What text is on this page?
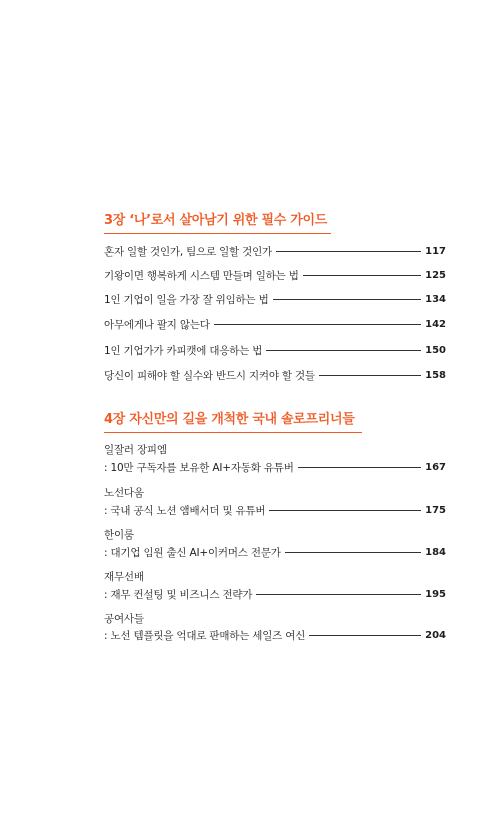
3장 ‘나’로서 살아남기 위한 필수 가이드
혼자 일할 것인가, 팀으로 일할 것인가	117
기왕이면 행복하게 시스템 만들며 일하는 법	125
1인 기업이 일을 가장 잘 위임하는 법	134
아무에게나 팔지 않는다	142
1인 기업가가 카피캣에 대응하는 법	150
당신이 피해야 할 실수와 반드시 지켜야 할 것들	158
4장 자신만의 길을 개척한 국내 솔로프리너들
일잘러 장피엠
: 10만 구독자를 보유한 AI+자동화 유튜버	167
노선다움
: 국내 공식 노션 앰배서더 및 유튜버	175
한이룸
: 대기업 임원 출신 AI+이커머스 전문가	184
재무선배
: 재무 컨설팅 및 비즈니스 전략가	195
공여사들
: 노선 템플릿을 억대로 판매하는 세일즈 여신	204
